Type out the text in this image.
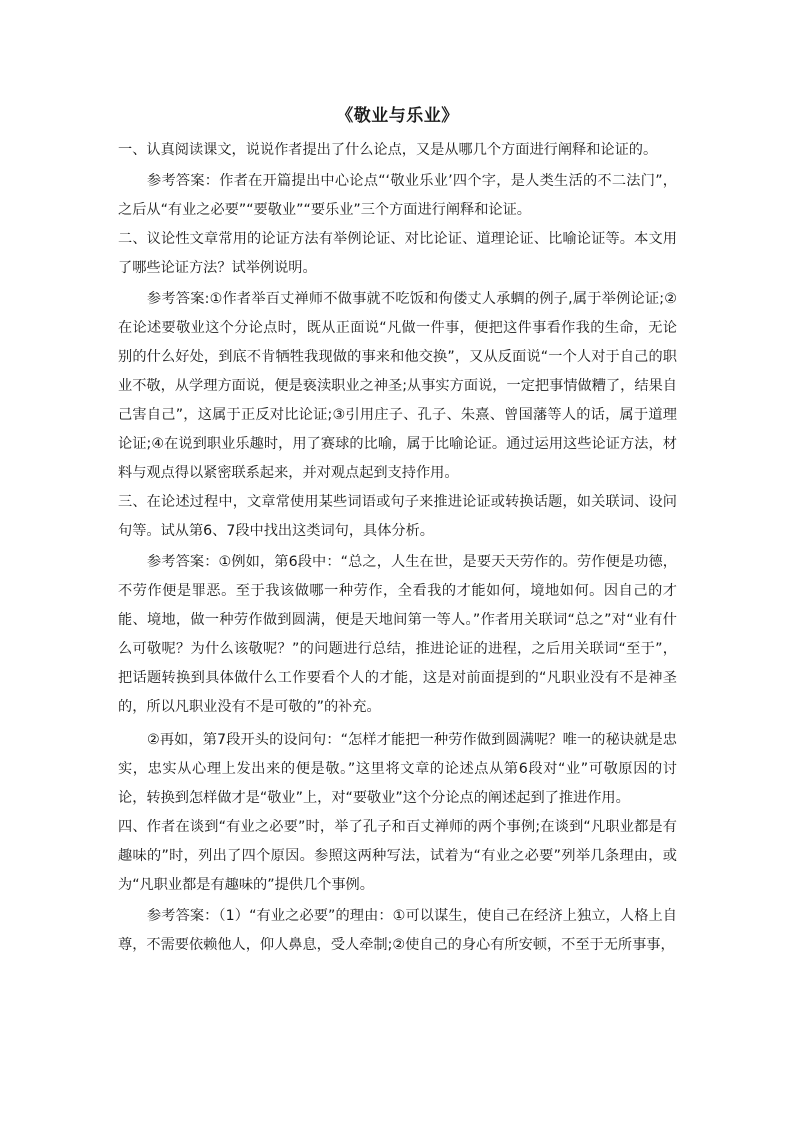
《敬业与乐业》

一、认真阅读课文，说说作者提出了什么论点，又是从哪几个方面进行阐释和论证的。

参考答案：作者在开篇提出中心论点“‘敬业乐业’四个字，是人类生活的不二法门”，之后从“有业之必要”“要敬业”“要乐业”三个方面进行阐释和论证。

二、议论性文章常用的论证方法有举例论证、对比论证、道理论证、比喻论证等。本文用了哪些论证方法？试举例说明。

参考答案:①作者举百丈禅师不做事就不吃饭和佝偻丈人承蜩的例子,属于举例论证;②在论述要敬业这个分论点时，既从正面说“凡做一件事，便把这件事看作我的生命，无论别的什么好处，到底不肯牺牲我现做的事来和他交换”，又从反面说“一个人对于自己的职业不敬，从学理方面说，便是亵渎职业之神圣;从事实方面说，一定把事情做糟了，结果自己害自己”，这属于正反对比论证;③引用庄子、孔子、朱熹、曾国藩等人的话，属于道理论证;④在说到职业乐趣时，用了赛球的比喻，属于比喻论证。通过运用这些论证方法，材料与观点得以紧密联系起来，并对观点起到支持作用。

三、在论述过程中，文章常使用某些词语或句子来推进论证或转换话题，如关联词、设问句等。试从第6、7段中找出这类词句，具体分析。

参考答案：①例如，第6段中：“总之，人生在世，是要天天劳作的。劳作便是功德，不劳作便是罪恶。至于我该做哪一种劳作，全看我的才能如何，境地如何。因自己的才能、境地，做一种劳作做到圆满，便是天地间第一等人。”作者用关联词“总之”对“业有什么可敬呢？为什么该敬呢？”的问题进行总结，推进论证的进程，之后用关联词“至于”，把话题转换到具体做什么工作要看个人的才能，这是对前面提到的“凡职业没有不是神圣的，所以凡职业没有不是可敬的”的补充。

②再如，第7段开头的设问句：“怎样才能把一种劳作做到圆满呢？唯一的秘诀就是忠实，忠实从心理上发出来的便是敬。”这里将文章的论述点从第6段对“业”可敬原因的讨论，转换到怎样做才是“敬业”上，对“要敬业”这个分论点的阐述起到了推进作用。

四、作者在谈到“有业之必要”时，举了孔子和百丈禅师的两个事例;在谈到“凡职业都是有趣味的”时，列出了四个原因。参照这两种写法，试着为“有业之必要”列举几条理由，或为“凡职业都是有趣味的”提供几个事例。

参考答案：（1）“有业之必要”的理由：①可以谋生，使自己在经济上独立，人格上自尊，不需要依赖他人，仰人鼻息，受人牵制;②使自己的身心有所安顿，不至于无所事事，
